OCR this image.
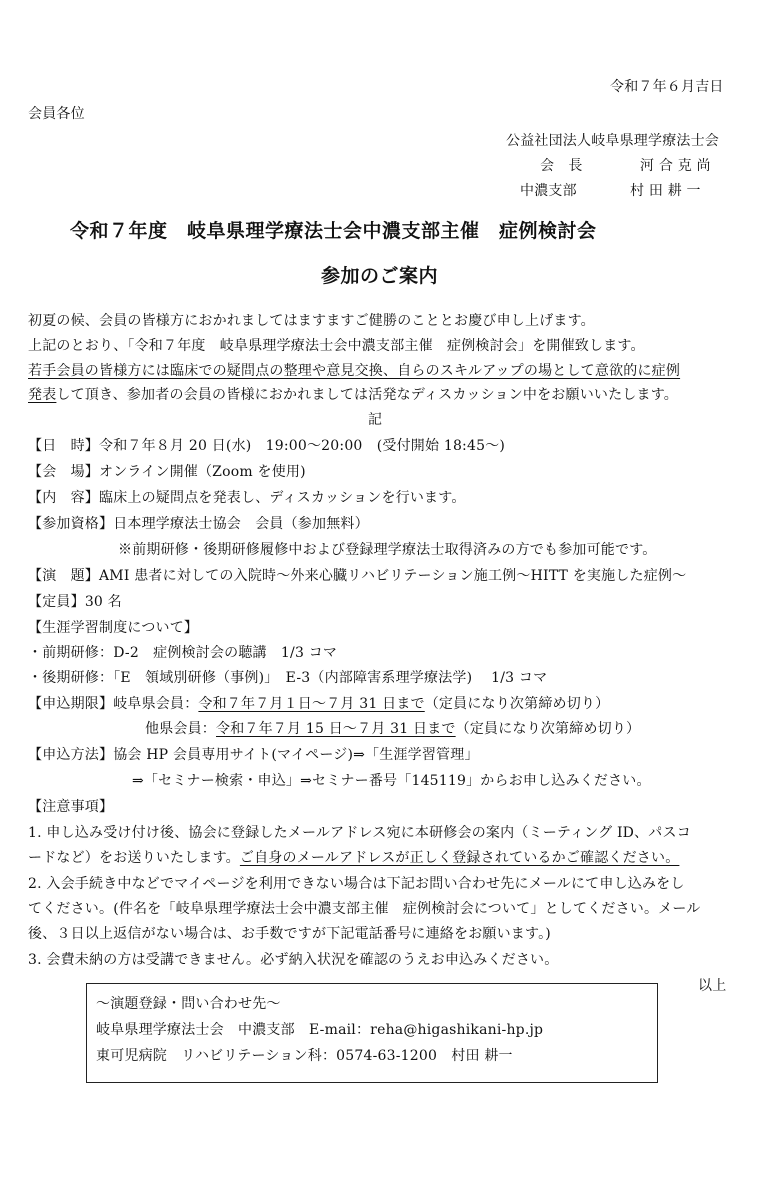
令和７年６月吉日
会員各位
公益社団法人岐阜県理学療法士会
会　長	河 合 克 尚
中濃支部	村 田 耕 一
令和７年度　岐阜県理学療法士会中濃支部主催　症例検討会
参加のご案内
初夏の候、会員の皆様方におかれましてはますますご健勝のこととお慶び申し上げます。
上記のとおり、「令和７年度　岐阜県理学療法士会中濃支部主催　症例検討会」を開催致します。
若手会員の皆様方には臨床での疑問点の整理や意見交換、自らのスキルアップの場として意欲的に症例
発表して頂き、参加者の会員の皆様におかれましては活発なディスカッション中をお願いいたします。
記
【日　時】令和７年８月 20 日(水)　19:00～20:00　(受付開始 18:45～)
【会　場】オンライン開催（Zoom を使用)
【内　容】臨床上の疑問点を発表し、ディスカッションを行います。
【参加資格】日本理学療法士協会　会員（参加無料）
※前期研修・後期研修履修中および登録理学療法士取得済みの方でも参加可能です。
【演　題】AMI 患者に対しての入院時～外来心臓リハビリテーション施工例～HITT を実施した症例～
【定員】30 名
【生涯学習制度について】
・前期研修：D-2　症例検討会の聴講　1/3 コマ
・後期研修：「E　領域別研修（事例)」　E-3（内部障害系理学療法学)　 1/3 コマ
【申込期限】岐阜県会員：令和７年７月１日～７月 31 日まで（定員になり次第締め切り）
他県会員：令和７年７月 15 日～７月 31 日まで（定員になり次第締め切り）
【申込方法】協会 HP 会員専用サイト(マイページ)⇒「生涯学習管理」
⇒「セミナー検索・申込」⇒セミナー番号「145119」からお申し込みください。
【注意事項】
1. 申し込み受け付け後、協会に登録したメールアドレス宛に本研修会の案内（ミーティング ID、パスコ
ードなど）をお送りいたします。ご自身のメールアドレスが正しく登録されているかご確認ください。
2. 入会手続き中などでマイページを利用できない場合は下記お問い合わせ先にメールにて申し込みをし
てください。(件名を「岐阜県理学療法士会中濃支部主催　症例検討会について」としてください。メール
後、３日以上返信がない場合は、お手数ですが下記電話番号に連絡をお願います。)
3. 会費未納の方は受講できません。必ず納入状況を確認のうえお申込みください。
以上
～演題登録・問い合わせ先～
岐阜県理学療法士会　中濃支部　E-mail：reha@higashikani-hp.jp
東可児病院　リハビリテーション科：0574-63-1200　村田 耕一
